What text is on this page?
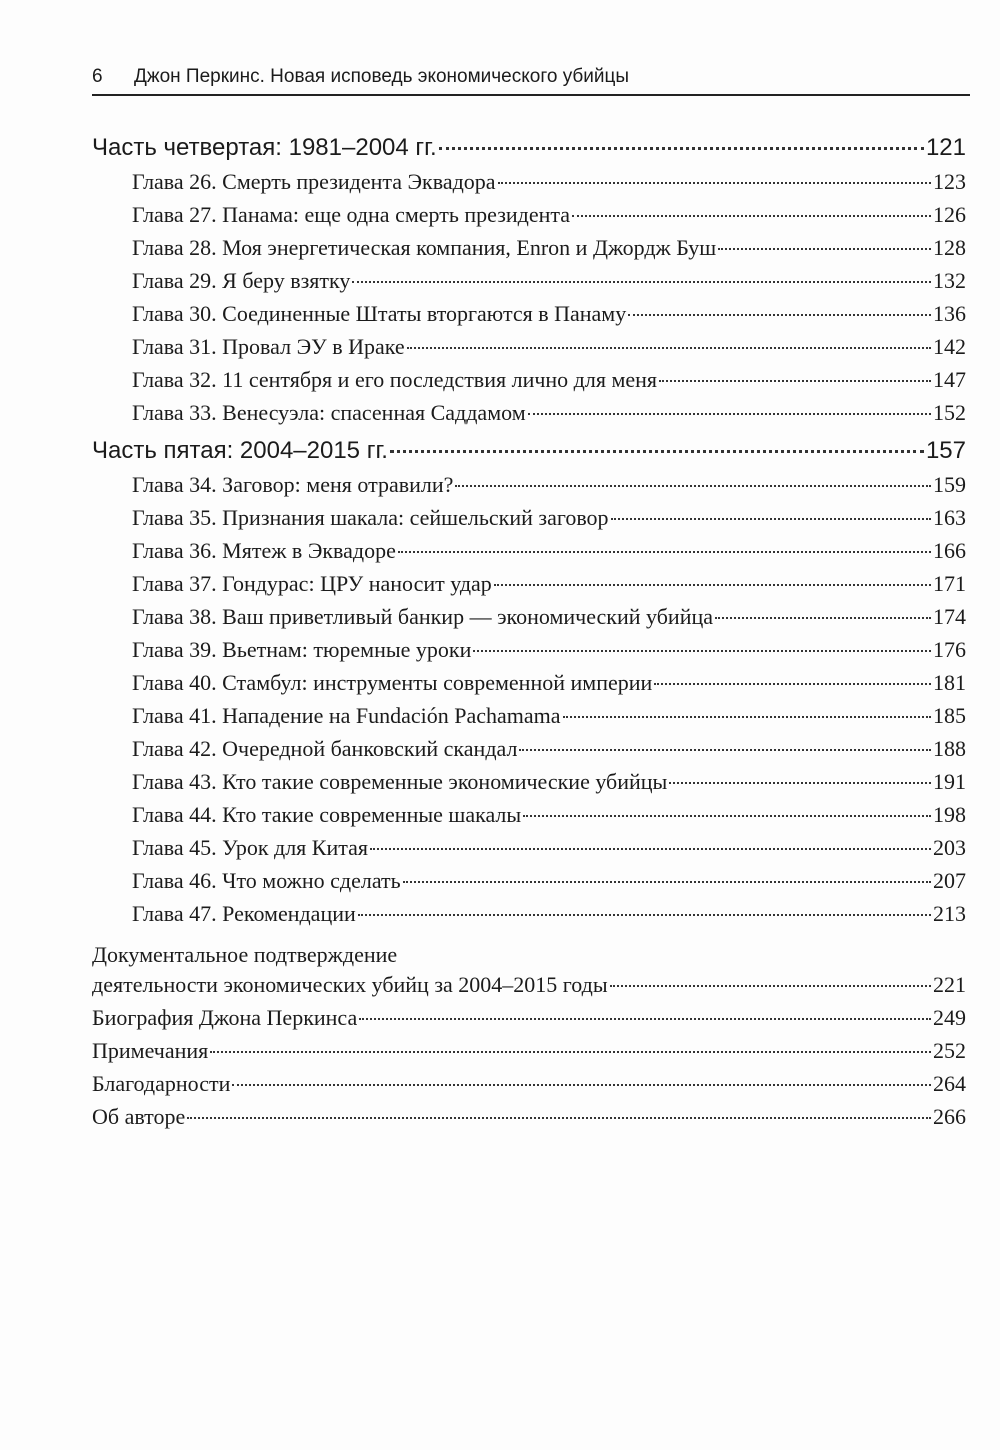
6	Джон Перкинс. Новая исповедь экономического убийцы
Часть четвертая: 1981–2004 гг.	121
Глава 26. Смерть президента Эквадора	123
Глава 27. Панама: еще одна смерть президента	126
Глава 28. Моя энергетическая компания, Enron и Джордж Буш	128
Глава 29. Я беру взятку	132
Глава 30. Соединенные Штаты вторгаются в Панаму	136
Глава 31. Провал ЭУ в Ираке	142
Глава 32. 11 сентября и его последствия лично для меня	147
Глава 33. Венесуэла: спасенная Саддамом	152
Часть пятая: 2004–2015 гг.	157
Глава 34. Заговор: меня отравили?	159
Глава 35. Признания шакала: сейшельский заговор	163
Глава 36. Мятеж в Эквадоре	166
Глава 37. Гондурас: ЦРУ наносит удар	171
Глава 38. Ваш приветливый банкир — экономический убийца	174
Глава 39. Вьетнам: тюремные уроки	176
Глава 40. Стамбул: инструменты современной империи	181
Глава 41. Нападение на Fundación Pachamama	185
Глава 42. Очередной банковский скандал	188
Глава 43. Кто такие современные экономические убийцы	191
Глава 44. Кто такие современные шакалы	198
Глава 45. Урок для Китая	203
Глава 46. Что можно сделать	207
Глава 47. Рекомендации	213
Документальное подтверждение
деятельности экономических убийц за 2004–2015 годы	221
Биография Джона Перкинса	249
Примечания	252
Благодарности	264
Об авторе	266
